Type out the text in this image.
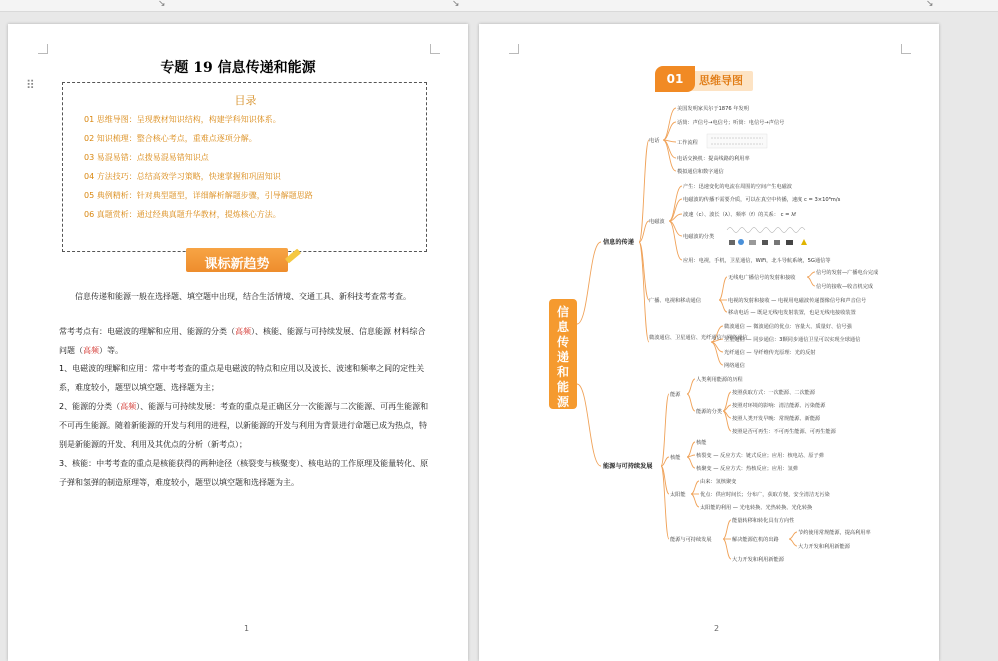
↘	↘	↘
⠿
专题 19 信息传递和能源
目录
01 思维导图：呈现教材知识结构，构建学科知识体系。
02 知识梳理：整合核心考点，重难点逐项分解。
03 易混易错：点拨易混易错知识点
04 方法技巧：总结高效学习策略，快速掌握和巩固知识
05 典例精析：针对典型题型，详细解析解题步骤，引导解题思路
06 真题赏析：通过经典真题升华教材，提炼核心方法。
课标新趋势
　　信息传递和能源一般在选择题、填空题中出现，结合生活情境、交通工具、新科技考查常考查。
常考考点有：电磁波的理解和应用、能源的分类（高频）、核能、能源与可持续发展、信息能源 材料综合问题（高频）等。
1、电磁波的理解和应用：常中考考查的重点是电磁波的特点和应用以及波长、波速和频率之间的定性关系，难度较小，题型以填空题、选择题为主；
2、能源的分类（高频）、能源与可持续发展：考查的重点是正确区分一次能源与二次能源、可再生能源和不可再生能源。随着新能源的开发与利用的进程，以新能源的开发与利用为背景进行命题已成为热点，特别是新能源的开发、利用及其优点的分析（新考点）；
3、核能：中考考查的重点是核能获得的两种途径（核裂变与核聚变）、核电站的工作原理及能量转化、原子弹和氢弹的制造原理等，难度较小，题型以填空题和选择题为主。
1
思维导图
01
信息传递和能源
信息的传递
能源与可持续发展
电话
美国发明家贝尔于1876 年发明
话筒：声信号→电信号；听筒：电信号→声信号
工作流程
电话交换机：提高线路的利用率
模拟通信和数字通信
电磁波
产生：迅速变化的电流在周围的空间产生电磁波
电磁波的传播不需要介质，可以在真空中传播，速度 c = 3×10⁸m/s
波速（c）、波长（λ）、频率（f）的关系： c = λf
电磁波的分类
应用：电视，手机，卫星通信，WiFi，北斗导航系统，5G通信等
广播、电视和移动通信
无线电广播信号的发射和接收
信号的发射—广播电台完成
信号的接收—收音机完成
电视的发射和接收 — 电视用电磁波传递图像信号和声音信号
移动电话 — 既是无线电发射装置，也是无线电接收装置
微波通信、卫星通信、光纤通信与网络通信
微波通信 — 微波通信的优点：容量大、质量好、信号强
卫星通信 — 同步通信：3颗同步通信卫星可以实现全球通信
光纤通信 — 导纤维传光原理：光的反射
网络通信
能源
人类利用能源的历程
能源的分类
按照获取方式：一次能源、二次能源
按照对环境的影响：清洁能源、污染能源
按照人类开发早晚：常规能源、新能源
按照是否可再生：不可再生能源、可再生能源
核能
核能
核裂变 — 反应方式：链式反应；应用：核电站、原子弹
核聚变 — 反应方式：热核反应；应用：氢弹
太阳能
由来：氢核聚变
优点：供应时间长；分布广，获取方便，安全清洁无污染
太阳能的利用 — 光电转换、光热转换、光化转换
能源与可持续发展
能量转移和转化具有方向性
解决能源危机的出路
节约使用常规能源，提高利用率
大力开发和利用新能源
大力开发和利用新能源
2
